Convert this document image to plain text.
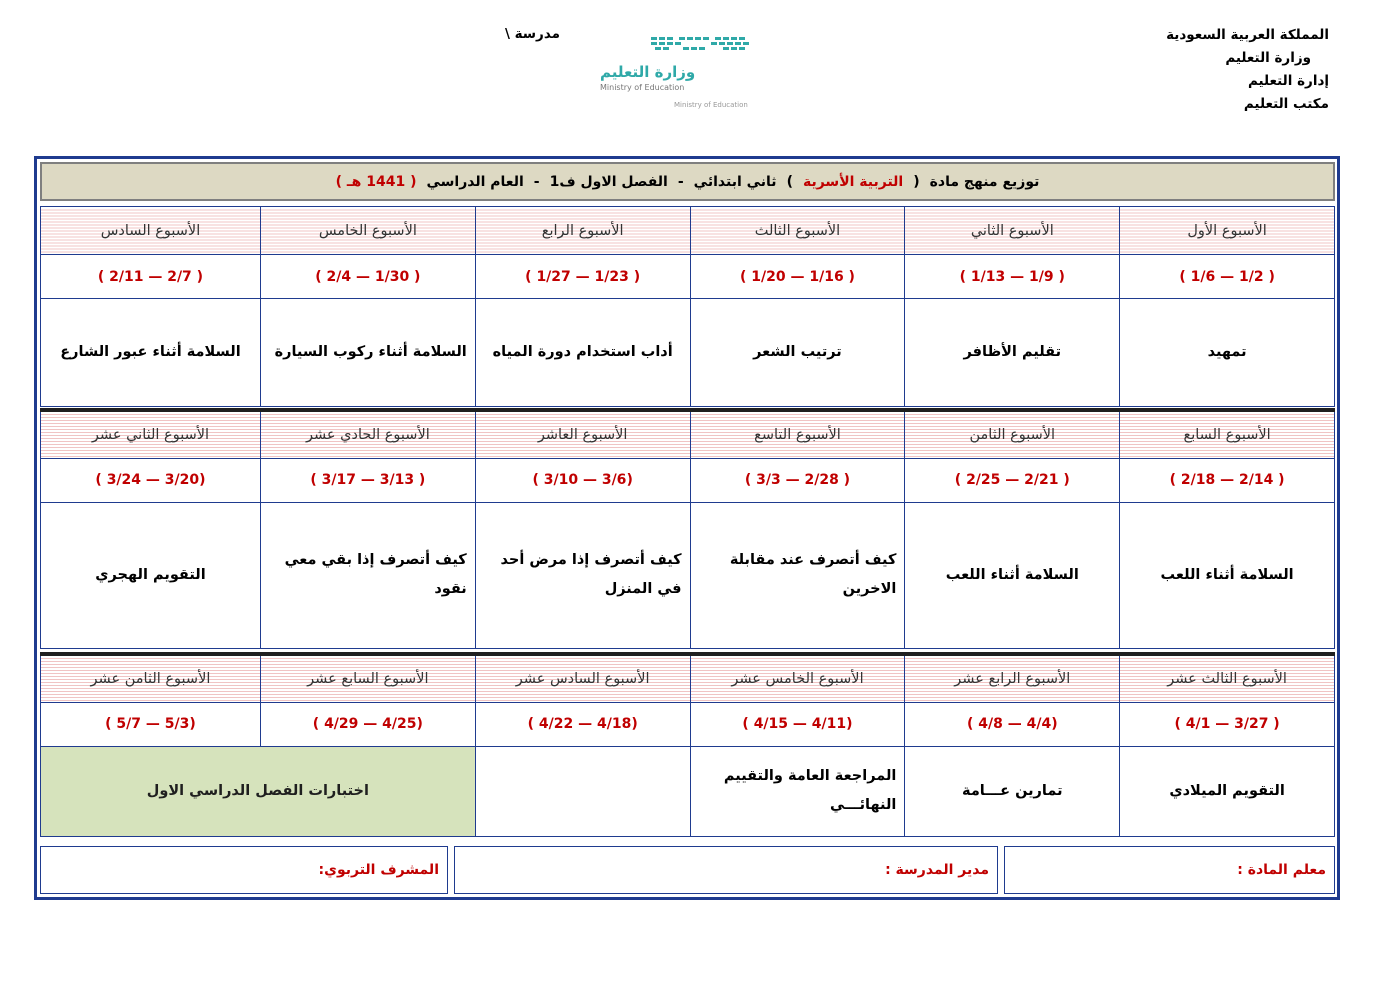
المملكة العربية السعودية
وزارة التعليم
إدارة التعليم
مكتب التعليم
مدرسة \
وزارة التعليم
Ministry of Education
Ministry of Education
توزيع منهج مادة
(
التربية الأسرية
)
ثاني ابتدائي
-
الفصل الاول ف1
-
العام الدراسي
( 1441 هـ )
الأسبوع الأول	الأسبوع الثاني	الأسبوع الثالث	الأسبوع الرابع	الأسبوع الخامس	الأسبوع السادس
( 1/2 — 1/6 )	( 1/9 — 1/13 )	( 1/16 — 1/20 )	( 1/23 — 1/27 )	( 1/30 — 2/4 )	( 2/7 — 2/11 )
تمهيد	تقليم الأظافر	ترتيب الشعر	أداب استخدام دورة المياه	السلامة أثناء ركوب السيارة	السلامة أثناء عبور الشارع
الأسبوع السابع	الأسبوع الثامن	الأسبوع التاسع	الأسبوع العاشر	الأسبوع الحادي عشر	الأسبوع الثاني عشر
( 2/14 — 2/18 )	( 2/21 — 2/25 )	( 2/28 — 3/3 )	(3/6 — 3/10 )	( 3/13 — 3/17 )	(3/20 — 3/24 )
السلامة أثناء اللعب	السلامة أثناء اللعب	كيف أتصرف عند مقابلة الاخرين	كيف أتصرف إذا مرض أحد في المنزل	كيف أتصرف إذا بقي معي نقود	التقويم الهجري
الأسبوع الثالث عشر	الأسبوع الرابع عشر	الأسبوع الخامس عشر	الأسبوع السادس عشر	الأسبوع السابع عشر	الأسبوع الثامن عشر
( 3/27 — 4/1 )	(4/4 — 4/8 )	(4/11 — 4/15 )	(4/18 — 4/22 )	(4/25 — 4/29 )	(5/3 — 5/7 )
التقويم الميلادي	تمارين عـــامة	المراجعة العامة والتقييم النهائـــي		اختبارات الفصل الدراسي الاول	
معلم المادة :
مدير المدرسة :
المشرف التربوي:
